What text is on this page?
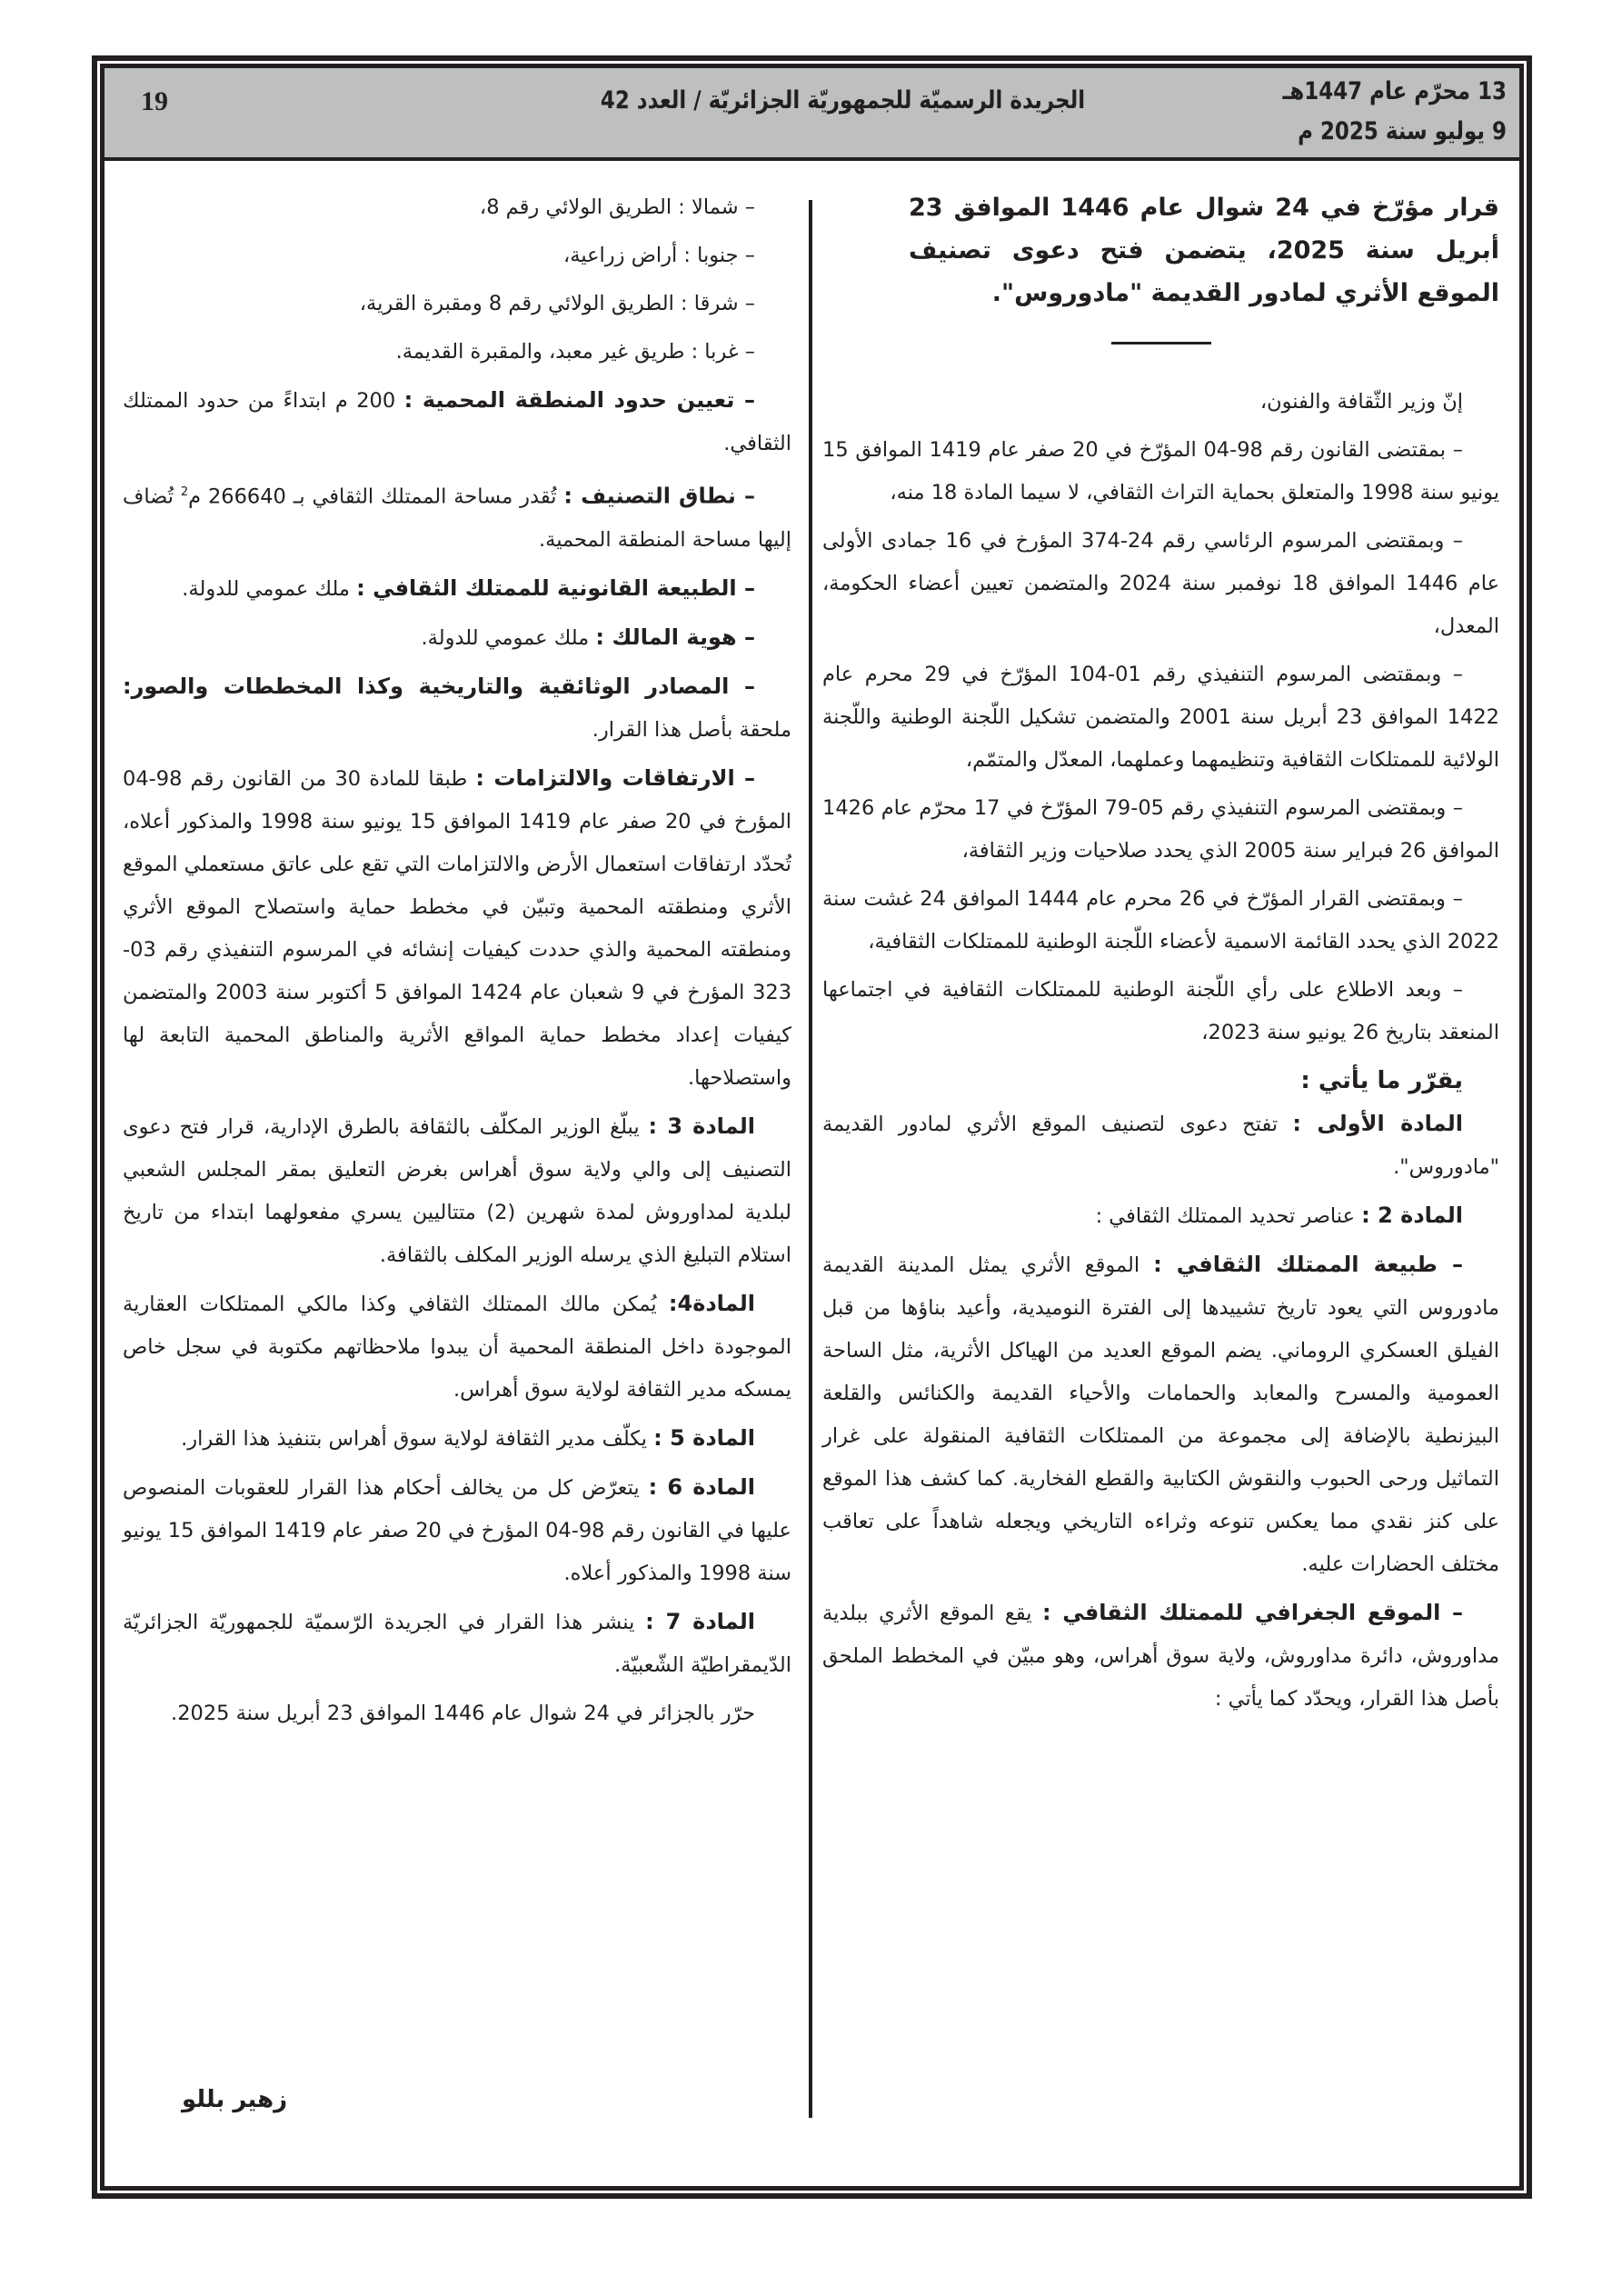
13 محرّم عام 1447هـ
9 يوليو سنة 2025 م
الجريدة الرسميّة للجمهوريّة الجزائريّة / العدد 42
19

قرار مؤرّخ في 24 شوال عام 1446 الموافق 23 أبريل سنة 2025، يتضمن فتح دعوى تصنيف الموقع الأثري لمادور القديمة "مادوروس".

إنّ وزير الثّقافة والفنون،

– بمقتضى القانون رقم 98-04 المؤرّخ في 20 صفر عام 1419 الموافق 15 يونيو سنة 1998 والمتعلق بحماية التراث الثقافي، لا سيما المادة 18 منه،

– وبمقتضى المرسوم الرئاسي رقم 24-374 المؤرخ في 16 جمادى الأولى عام 1446 الموافق 18 نوفمبر سنة 2024 والمتضمن تعيين أعضاء الحكومة، المعدل،

– وبمقتضى المرسوم التنفيذي رقم 01-104 المؤرّخ في 29 محرم عام 1422 الموافق 23 أبريل سنة 2001 والمتضمن تشكيل اللّجنة الوطنية واللّجنة الولائية للممتلكات الثقافية وتنظيمهما وعملهما، المعدّل والمتمّم،

– وبمقتضى المرسوم التنفيذي رقم 05-79 المؤرّخ في 17 محرّم عام 1426 الموافق 26 فبراير سنة 2005 الذي يحدد صلاحيات وزير الثقافة،

– وبمقتضى القرار المؤرّخ في 26 محرم عام 1444 الموافق 24 غشت سنة 2022 الذي يحدد القائمة الاسمية لأعضاء اللّجنة الوطنية للممتلكات الثقافية،

– وبعد الاطلاع على رأي اللّجنة الوطنية للممتلكات الثقافية في اجتماعها المنعقد بتاريخ 26 يونيو سنة 2023،

يقرّر ما يأتي :

المادة الأولى : تفتح دعوى لتصنيف الموقع الأثري لمادور القديمة "مادوروس".

المادة 2 : عناصر تحديد الممتلك الثقافي :

– طبيعة الممتلك الثقافي : الموقع الأثري يمثل المدينة القديمة مادوروس التي يعود تاريخ تشييدها إلى الفترة النوميدية، وأعيد بناؤها من قبل الفيلق العسكري الروماني. يضم الموقع العديد من الهياكل الأثرية، مثل الساحة العمومية والمسرح والمعابد والحمامات والأحياء القديمة والكنائس والقلعة البيزنطية بالإضافة إلى مجموعة من الممتلكات الثقافية المنقولة على غرار التماثيل ورحى الحبوب والنقوش الكتابية والقطع الفخارية. كما كشف هذا الموقع على كنز نقدي مما يعكس تنوعه وثراءه التاريخي ويجعله شاهداً على تعاقب مختلف الحضارات عليه.

– الموقع الجغرافي للممتلك الثقافي : يقع الموقع الأثري ببلدية مداوروش، دائرة مداوروش، ولاية سوق أهراس، وهو مبيّن في المخطط الملحق بأصل هذا القرار، ويحدّد كما يأتي :

– شمالا : الطريق الولائي رقم 8،

– جنوبا : أراض زراعية،

– شرقا : الطريق الولائي رقم 8 ومقبرة القرية،

– غربا : طريق غير معبد، والمقبرة القديمة.

– تعيين حدود المنطقة المحمية : 200 م ابتداءً من حدود الممتلك الثقافي.

– نطاق التصنيف : تُقدر مساحة الممتلك الثقافي بـ 266640 م$^2$ تُضاف إليها مساحة المنطقة المحمية.

– الطبيعة القانونية للممتلك الثقافي : ملك عمومي للدولة.

– هوية المالك : ملك عمومي للدولة.

– المصادر الوثائقية والتاريخية وكذا المخططات والصور: ملحقة بأصل هذا القرار.

– الارتفاقات والالتزامات : طبقا للمادة 30 من القانون رقم 98-04 المؤرخ في 20 صفر عام 1419 الموافق 15 يونيو سنة 1998 والمذكور أعلاه، تُحدّد ارتفاقات استعمال الأرض والالتزامات التي تقع على عاتق مستعملي الموقع الأثري ومنطقته المحمية وتبيّن في مخطط حماية واستصلاح الموقع الأثري ومنطقته المحمية والذي حددت كيفيات إنشائه في المرسوم التنفيذي رقم 03-323 المؤرخ في 9 شعبان عام 1424 الموافق 5 أكتوبر سنة 2003 والمتضمن كيفيات إعداد مخطط حماية المواقع الأثرية والمناطق المحمية التابعة لها واستصلاحها.

المادة 3 : يبلّغ الوزير المكلّف بالثقافة بالطرق الإدارية، قرار فتح دعوى التصنيف إلى والي ولاية سوق أهراس بغرض التعليق بمقر المجلس الشعبي لبلدية لمداوروش لمدة شهرين (2) متتاليين يسري مفعولهما ابتداء من تاريخ استلام التبليغ الذي يرسله الوزير المكلف بالثقافة.

المادة4: يُمكن مالك الممتلك الثقافي وكذا مالكي الممتلكات العقارية الموجودة داخل المنطقة المحمية أن يبدوا ملاحظاتهم مكتوبة في سجل خاص يمسكه مدير الثقافة لولاية سوق أهراس.

المادة 5 : يكلّف مدير الثقافة لولاية سوق أهراس بتنفيذ هذا القرار.

المادة 6 : يتعرّض كل من يخالف أحكام هذا القرار للعقوبات المنصوص عليها في القانون رقم 98-04 المؤرخ في 20 صفر عام 1419 الموافق 15 يونيو سنة 1998 والمذكور أعلاه.

المادة 7 : ينشر هذا القرار في الجريدة الرّسميّة للجمهوريّة الجزائريّة الدّيمقراطيّة الشّعبيّة.

حرّر بالجزائر في 24 شوال عام 1446 الموافق 23 أبريل سنة 2025.

زهير بللو
